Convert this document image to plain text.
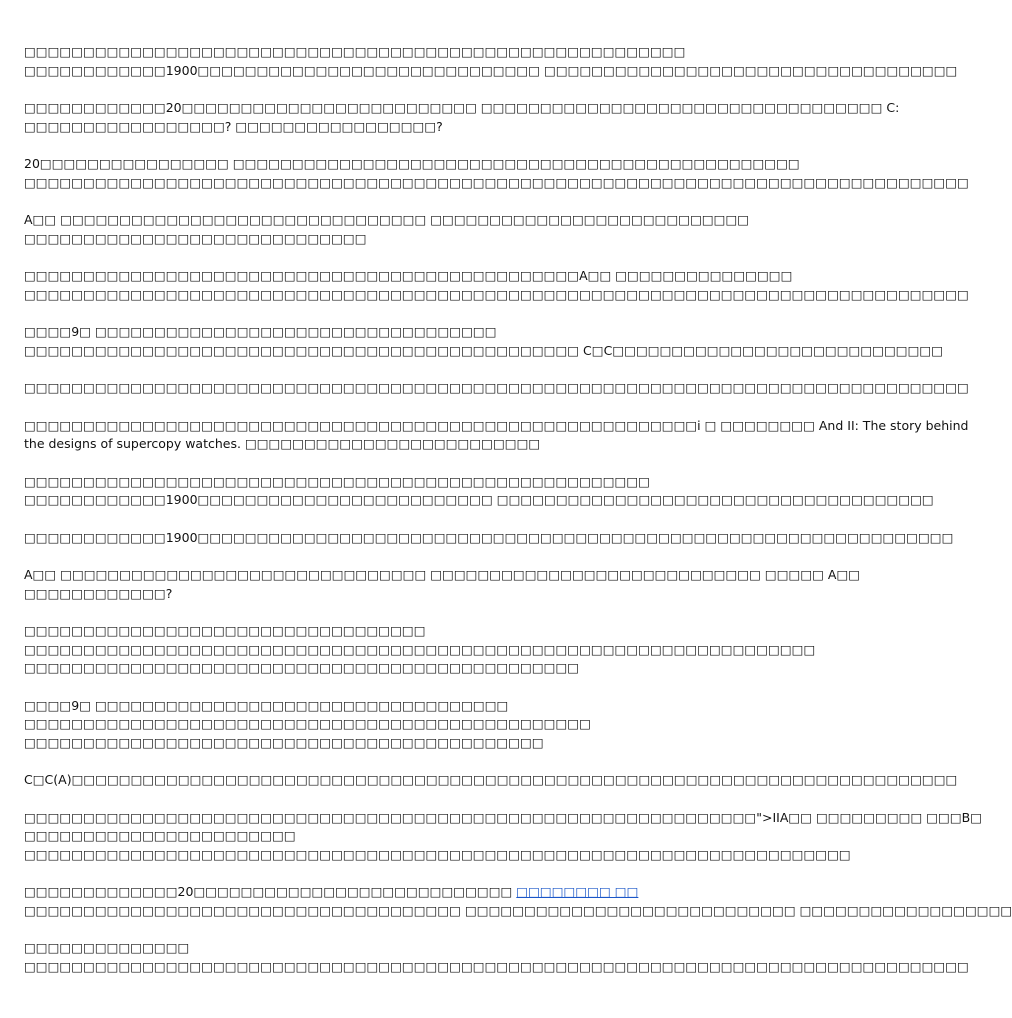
□□□□□□□□□□□□□□□□□□□□□□□□□□□□□□□□□□□□□□□□□□□□□□□□□□□□□□□□
□□□□□□□□□□□□1900□□□□□□□□□□□□□□□□□□□□□□□□□□□□□ □□□□□□□□□□□□□□□□□□□□□□□□□□□□□□□□□□□
□□□□□□□□□□□□20□□□□□□□□□□□□□□□□□□□□□□□□□ □□□□□□□□□□□□□□□□□□□□□□□□□□□□□□□□□□ C:
□□□□□□□□□□□□□□□□□? □□□□□□□□□□□□□□□□□?
20□□□□□□□□□□□□□□□□ □□□□□□□□□□□□□□□□□□□□□□□□□□□□□□□□□□□□□□□□□□□□□□□□
□□□□□□□□□□□□□□□□□□□□□□□□□□□□□□□□□□□□□□□□□□□□□□□□□□□□□□□□□□□□□□□□□□□□□□□□□□□□□□□□
A□□ □□□□□□□□□□□□□□□□□□□□□□□□□□□□□□□ □□□□□□□□□□□□□□□□□□□□□□□□□□□
□□□□□□□□□□□□□□□□□□□□□□□□□□□□□
□□□□□□□□□□□□□□□□□□□□□□□□□□□□□□□□□□□□□□□□□□□□□□□A□□ □□□□□□□□□□□□□□□
□□□□□□□□□□□□□□□□□□□□□□□□□□□□□□□□□□□□□□□□□□□□□□□□□□□□□□□□□□□□□□□□□□□□□□□□□□□□□□□□
□□□□9□ □□□□□□□□□□□□□□□□□□□□□□□□□□□□□□□□□□
□□□□□□□□□□□□□□□□□□□□□□□□□□□□□□□□□□□□□□□□□□□□□□□ C□C□□□□□□□□□□□□□□□□□□□□□□□□□□□□
□□□□□□□□□□□□□□□□□□□□□□□□□□□□□□□□□□□□□□□□□□□□□□□□□□□□□□□□□□□□□□□□□□□□□□□□□□□□□□□□
□□□□□□□□□□□□□□□□□□□□□□□□□□□□□□□□□□□□□□□□□□□□□□□□□□□□□□□□□i □ □□□□□□□□ And II: The story behind
the designs of supercopy watches. □□□□□□□□□□□□□□□□□□□□□□□□□
□□□□□□□□□□□□□□□□□□□□□□□□□□□□□□□□□□□□□□□□□□□□□□□□□□□□□
□□□□□□□□□□□□1900□□□□□□□□□□□□□□□□□□□□□□□□□ □□□□□□□□□□□□□□□□□□□□□□□□□□□□□□□□□□□□□
□□□□□□□□□□□□1900□□□□□□□□□□□□□□□□□□□□□□□□□□□□□□□□□□□□□□□□□□□□□□□□□□□□□□□□□□□□□□□□
A□□ □□□□□□□□□□□□□□□□□□□□□□□□□□□□□□□ □□□□□□□□□□□□□□□□□□□□□□□□□□□□ □□□□□ A□□
□□□□□□□□□□□□?
□□□□□□□□□□□□□□□□□□□□□□□□□□□□□□□□□□
□□□□□□□□□□□□□□□□□□□□□□□□□□□□□□□□□□□□□□□□□□□□□□□□□□□□□□□□□□□□□□□□□□□
□□□□□□□□□□□□□□□□□□□□□□□□□□□□□□□□□□□□□□□□□□□□□□□
□□□□9□ □□□□□□□□□□□□□□□□□□□□□□□□□□□□□□□□□□□
□□□□□□□□□□□□□□□□□□□□□□□□□□□□□□□□□□□□□□□□□□□□□□□□
□□□□□□□□□□□□□□□□□□□□□□□□□□□□□□□□□□□□□□□□□□□□
C□C(A)□□□□□□□□□□□□□□□□□□□□□□□□□□□□□□□□□□□□□□□□□□□□□□□□□□□□□□□□□□□□□□□□□□□□□□□□□□□
□□□□□□□□□□□□□□□□□□□□□□□□□□□□□□□□□□□□□□□□□□□□□□□□□□□□□□□□□□□□□□">IIA□□ □□□□□□□□□ □□□B□
□□□□□□□□□□□□□□□□□□□□□□□
□□□□□□□□□□□□□□□□□□□□□□□□□□□□□□□□□□□□□□□□□□□□□□□□□□□□□□□□□□□□□□□□□□□□□□
□□□□□□□□□□□□□20□□□□□□□□□□□□□□□□□□□□□□□□□□□ □□□□□□□□ □□
□□□□□□□□□□□□□□□□□□□□□□□□□□□□□□□□□□□□□ □□□□□□□□□□□□□□□□□□□□□□□□□□□□ □□□□□□□□□□□□□□□□□□
□□□□□□□□□□□□□□
□□□□□□□□□□□□□□□□□□□□□□□□□□□□□□□□□□□□□□□□□□□□□□□□□□□□□□□□□□□□□□□□□□□□□□□□□□□□□□□□
